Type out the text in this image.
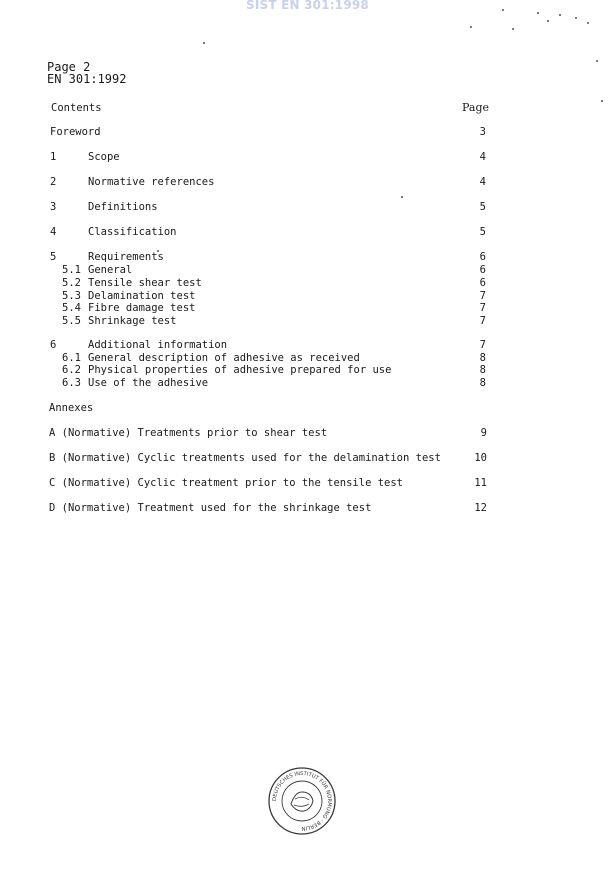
SIST EN 301:1998
Page 2
EN 301:1992
Contents	Page
Foreword	3
1	Scope	4
2	Normative references	4
3	Definitions	5
4	Classification	5
5	Requirements	6
5.1 General	6
5.2 Tensile shear test	6
5.3 Delamination test	7
5.4 Fibre damage test	7
5.5 Shrinkage test	7
6	Additional information	7
6.1 General description of adhesive as received	8
6.2 Physical properties of adhesive prepared for use	8
6.3 Use of the adhesive	8
Annexes
A (Normative) Treatments prior to shear test	9
B (Normative) Cyclic treatments used for the delamination test	10
C (Normative) Cyclic treatment prior to the tensile test	11
D (Normative) Treatment used for the shrinkage test	12
DEUTSCHES INSTITUT FÜR NORMUNG · BERLIN
